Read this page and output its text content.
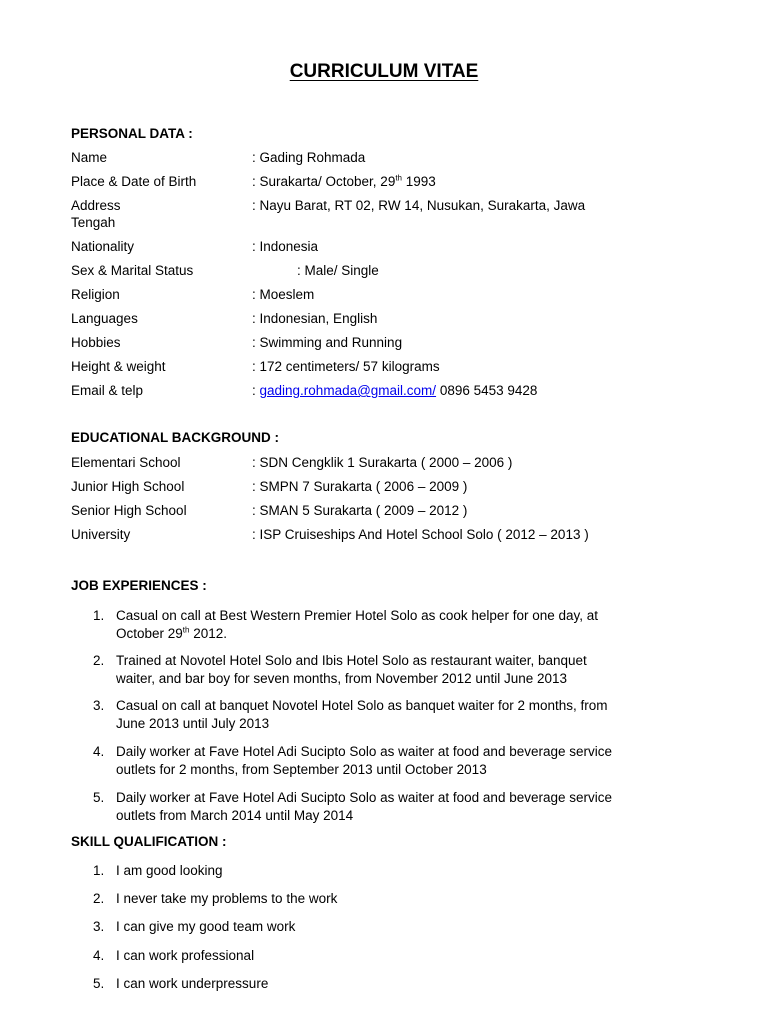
CURRICULUM VITAE
PERSONAL DATA :
Name	: Gading Rohmada
Place & Date of Birth	: Surakarta/ October, 29th 1993
Address	: Nayu Barat, RT 02, RW 14, Nusukan, Surakarta, Jawa
Tengah
Nationality	: Indonesia
Sex & Marital Status	: Male/ Single
Religion	: Moeslem
Languages	: Indonesian, English
Hobbies	: Swimming and Running
Height & weight	: 172 centimeters/ 57 kilograms
Email & telp	: gading.rohmada@gmail.com/ 0896 5453 9428
EDUCATIONAL BACKGROUND :
Elementari School	: SDN Cengklik 1 Surakarta ( 2000 – 2006 )
Junior High School	: SMPN 7 Surakarta ( 2006 – 2009 )
Senior High School	: SMAN 5 Surakarta ( 2009 – 2012 )
University	: ISP Cruiseships And Hotel School Solo ( 2012 – 2013 )
JOB EXPERIENCES :
1. Casual on call at Best Western Premier Hotel Solo as cook helper for one day, at
October 29th 2012.
2. Trained at Novotel Hotel Solo and Ibis Hotel Solo as restaurant waiter, banquet
waiter, and bar boy for seven months, from November 2012 until June 2013
3. Casual on call at banquet Novotel Hotel Solo as banquet waiter for 2 months, from
June 2013 until July 2013
4. Daily worker at Fave Hotel Adi Sucipto Solo as waiter at food and beverage service
outlets for 2 months, from September 2013 until October 2013
5. Daily worker at Fave Hotel Adi Sucipto Solo as waiter at food and beverage service
outlets from March 2014 until May 2014
SKILL QUALIFICATION :
1. I am good looking
2. I never take my problems to the work
3. I can give my good team work
4. I can work professional
5. I can work underpressure
